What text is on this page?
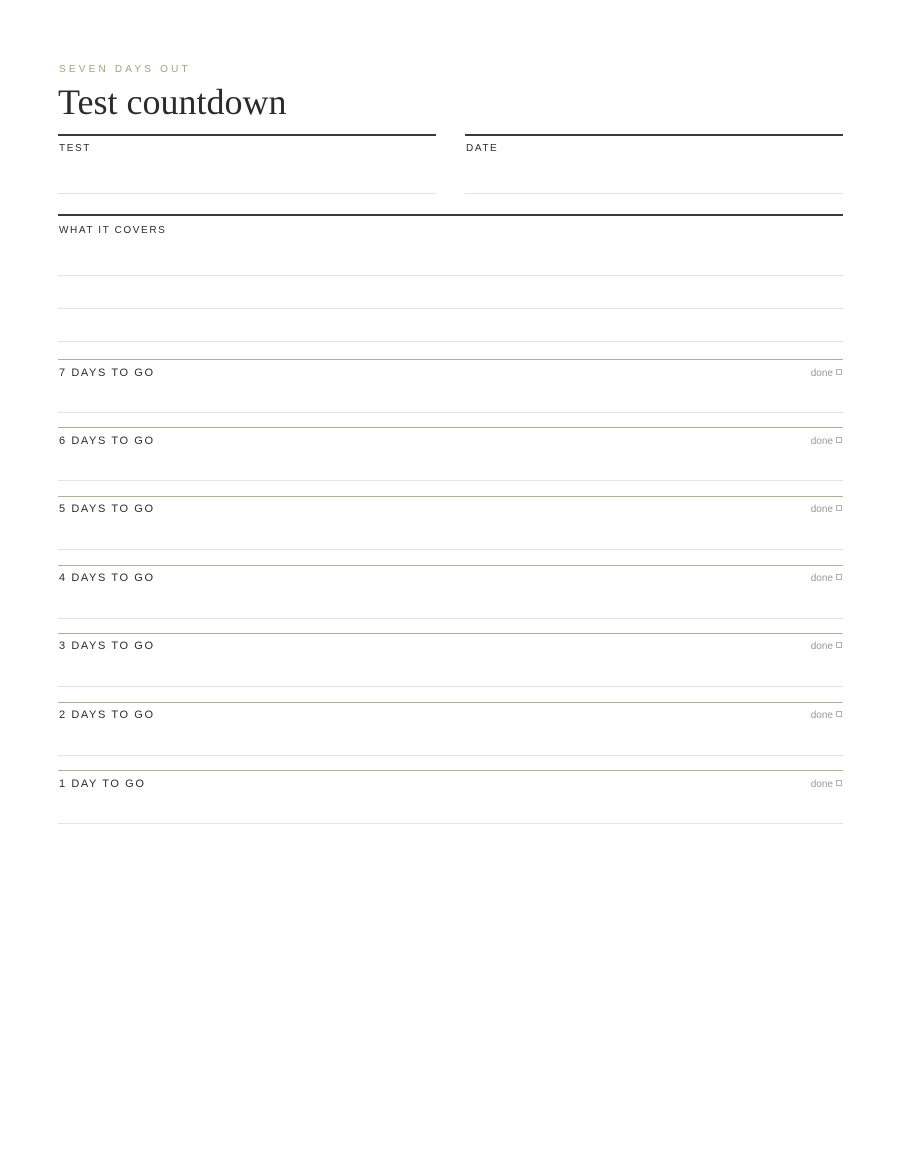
SEVEN DAYS OUT
Test countdown
TEST	DATE
WHAT IT COVERS
7 DAYS TO GO	done
6 DAYS TO GO	done
5 DAYS TO GO	done
4 DAYS TO GO	done
3 DAYS TO GO	done
2 DAYS TO GO	done
1 DAY TO GO	done
